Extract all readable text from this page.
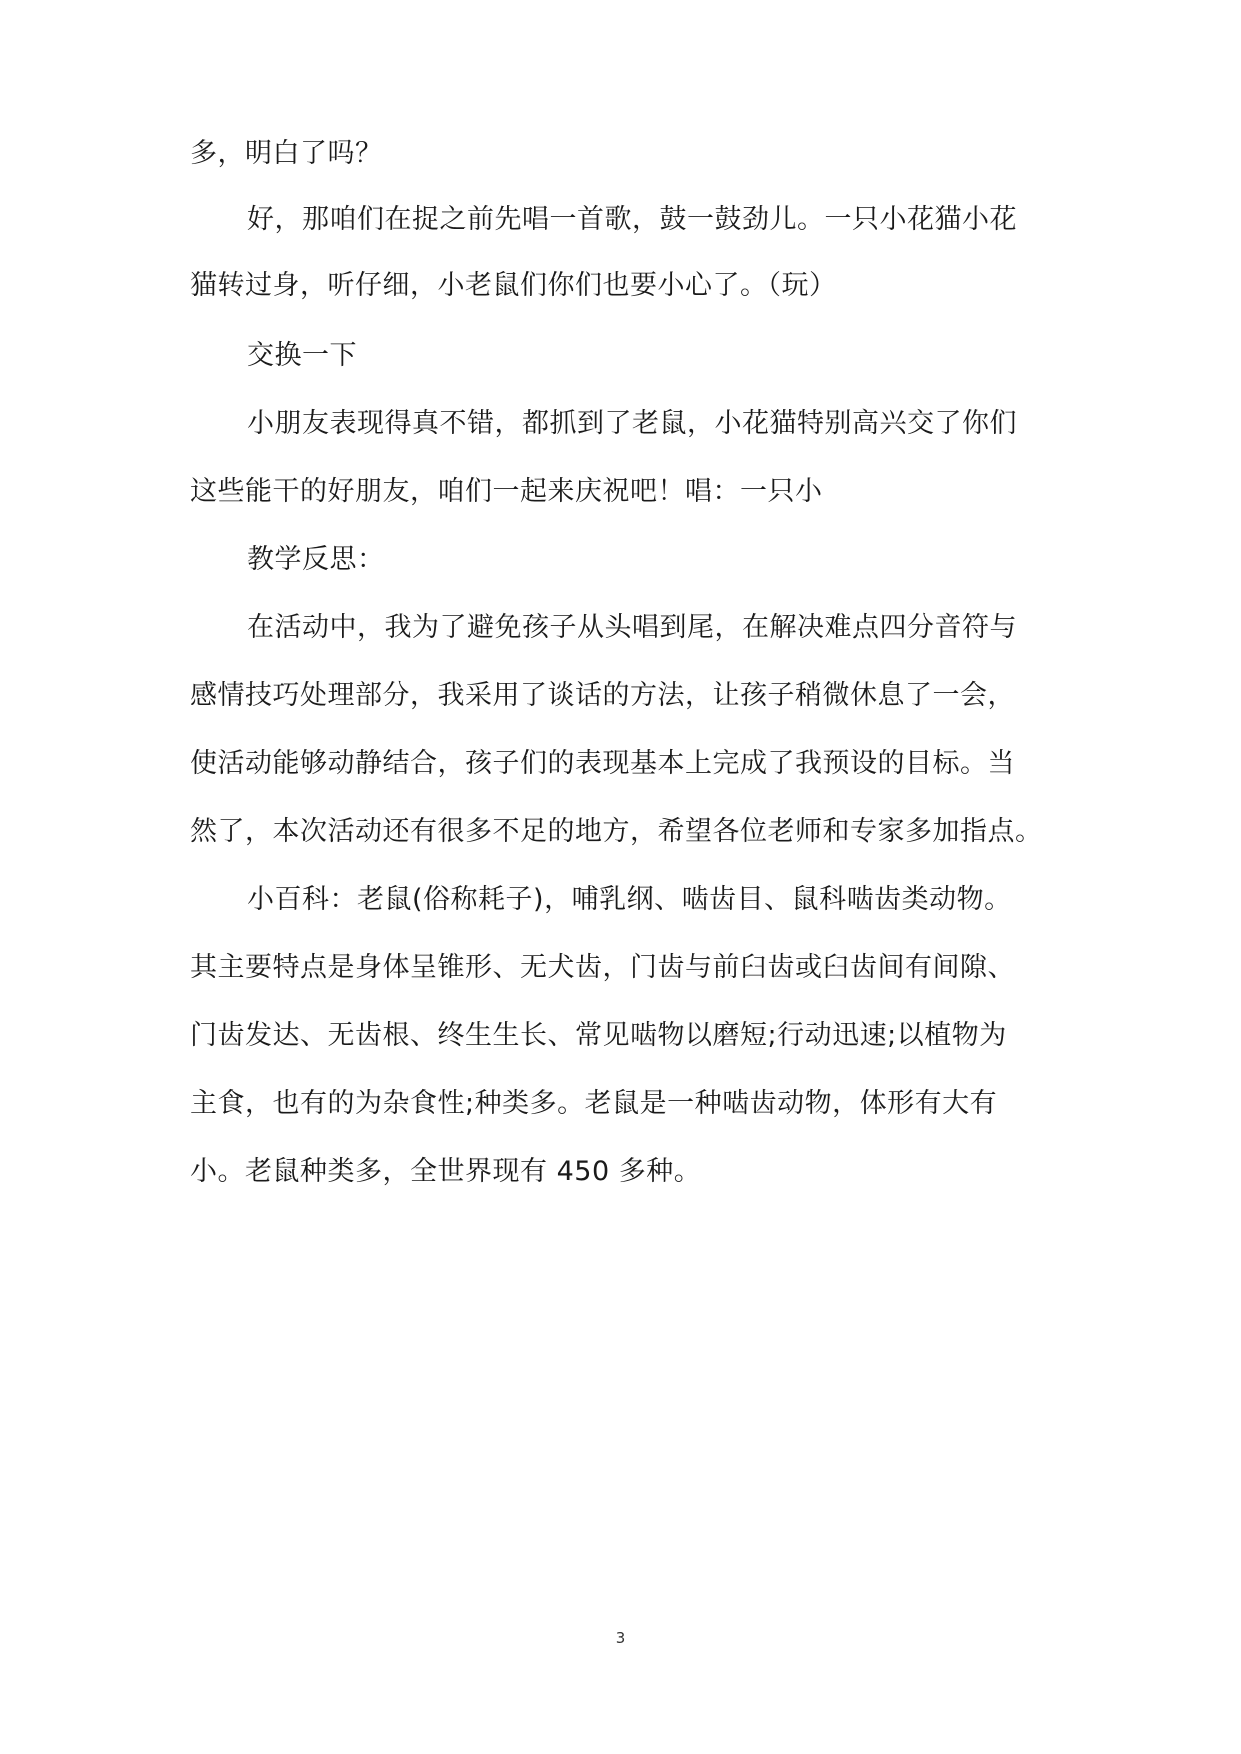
多，明白了吗？
好，那咱们在捉之前先唱一首歌，鼓一鼓劲儿。一只小花猫小花
猫转过身，听仔细，小老鼠们你们也要小心了。（玩）
交换一下
小朋友表现得真不错，都抓到了老鼠，小花猫特别高兴交了你们
这些能干的好朋友，咱们一起来庆祝吧！唱：一只小
教学反思：
在活动中，我为了避免孩子从头唱到尾，在解决难点四分音符与
感情技巧处理部分，我采用了谈话的方法，让孩子稍微休息了一会，
使活动能够动静结合，孩子们的表现基本上完成了我预设的目标。当
然了，本次活动还有很多不足的地方，希望各位老师和专家多加指点。
小百科：老鼠(俗称耗子)，哺乳纲、啮齿目、鼠科啮齿类动物。
其主要特点是身体呈锥形、无犬齿，门齿与前臼齿或臼齿间有间隙、
门齿发达、无齿根、终生生长、常见啮物以磨短;行动迅速;以植物为
主食，也有的为杂食性;种类多。老鼠是一种啮齿动物，体形有大有
小。老鼠种类多，全世界现有 450 多种。
3
